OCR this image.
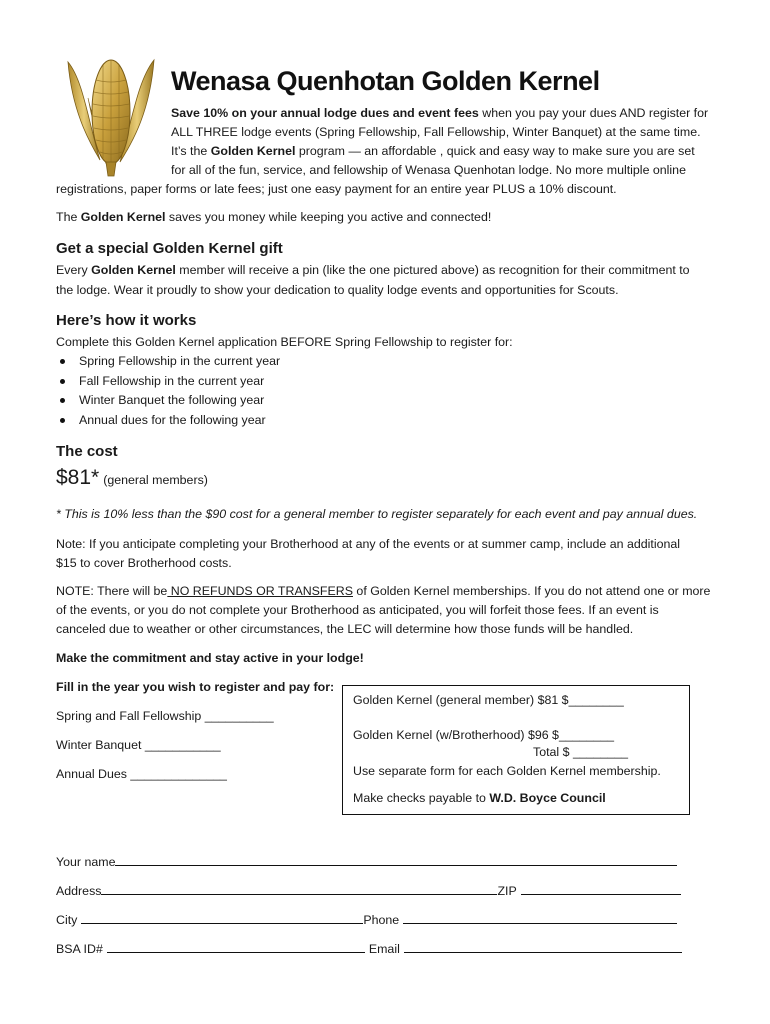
Wenasa Quenhotan Golden Kernel
Save 10% on your annual lodge dues and event fees when you pay your dues AND register for
ALL THREE lodge events (Spring Fellowship, Fall Fellowship, Winter Banquet) at the same time.
It’s the Golden Kernel program — an affordable , quick and easy way to make sure you are set
for all of the fun, service, and fellowship of Wenasa Quenhotan lodge. No more multiple online
registrations, paper forms or late fees; just one easy payment for an entire year PLUS a 10% discount.
The Golden Kernel saves you money while keeping you active and connected!
Get a special Golden Kernel gift
Every Golden Kernel member will receive a pin (like the one pictured above) as recognition for their commitment to
the lodge. Wear it proudly to show your dedication to quality lodge events and opportunities for Scouts.
Here’s how it works
Complete this Golden Kernel application BEFORE Spring Fellowship to register for:
Spring Fellowship in the current year
Fall Fellowship in the current year
Winter Banquet the following year
Annual dues for the following year
The cost
$81* (general members)
* This is 10% less than the $90 cost for a general member to register separately for each event and pay annual dues.
Note: If you anticipate completing your Brotherhood at any of the events or at summer camp, include an additional
$15 to cover Brotherhood costs.
NOTE: There will be NO REFUNDS OR TRANSFERS of Golden Kernel memberships. If you do not attend one or more
of the events, or you do not complete your Brotherhood as anticipated, you will forfeit those fees. If an event is
canceled due to weather or other circumstances, the LEC will determine how those funds will be handled.
Make the commitment and stay active in your lodge!
Fill in the year you wish to register and pay for:
Spring and Fall Fellowship __________
Winter Banquet ___________
Annual Dues ______________
Golden Kernel (general member) $81 $________
Golden Kernel (w/Brotherhood) $96 $________
Total $ ________
Use separate form for each Golden Kernel membership.
Make checks payable to W.D. Boyce Council
Your name
Address	ZIP
City	Phone
BSA ID#	Email
